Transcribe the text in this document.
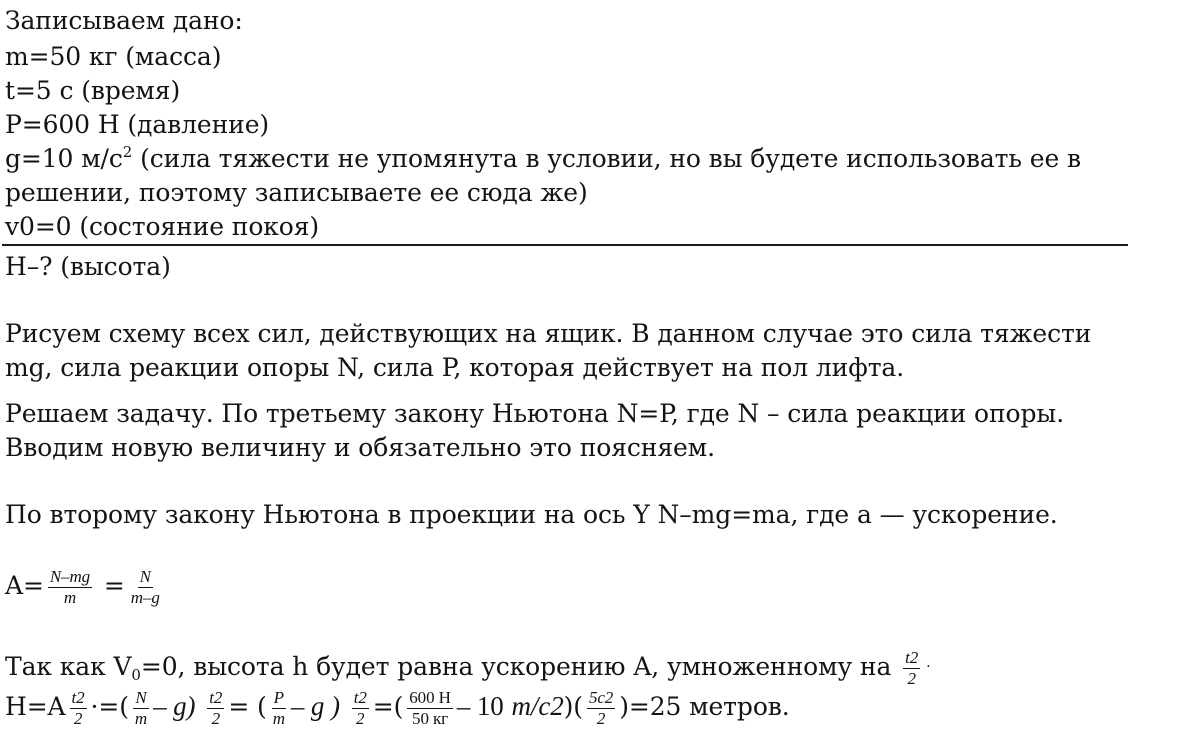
Записываем дано:
m=50 кг (масса)
t=5 с (время)
P=600 Н (давление)
g=10 $м/с^2$ (сила тяжести не упомянута в условии, но вы будете использовать ее в
решении, поэтому записываете ее сюда же)
v0=0 (состояние покоя)
H–? (высота)
Рисуем схему всех сил, действующих на ящик. В данном случае это сила тяжести
mg, сила реакции опоры N, сила P, которая действует на пол лифта.
Решаем задачу. По третьему закону Ньютона N=P, где N – сила реакции опоры.
Вводим новую величину и обязательно это поясняем.
По второму закону Ньютона в проекции на ось Y N–mg=ma, где a — ускорение.
$A= \frac{N-mg}{m} = \frac{N}{m-g}$
Так как $V_0=0$, высота h будет равна ускорению A, умноженному на $\frac{t2}{2}$ ·
$H=A \frac{t2}{2}$ ·=( $\frac{N}{m} - g) \frac{t2}{2}$ = ( $\frac{P}{m}$ – g ) $\frac{t2}{2}$ =( $\frac{600 Н}{50 кг} - 10$ $m/c2)( \frac{5c2}{2} )=25$ метров.
